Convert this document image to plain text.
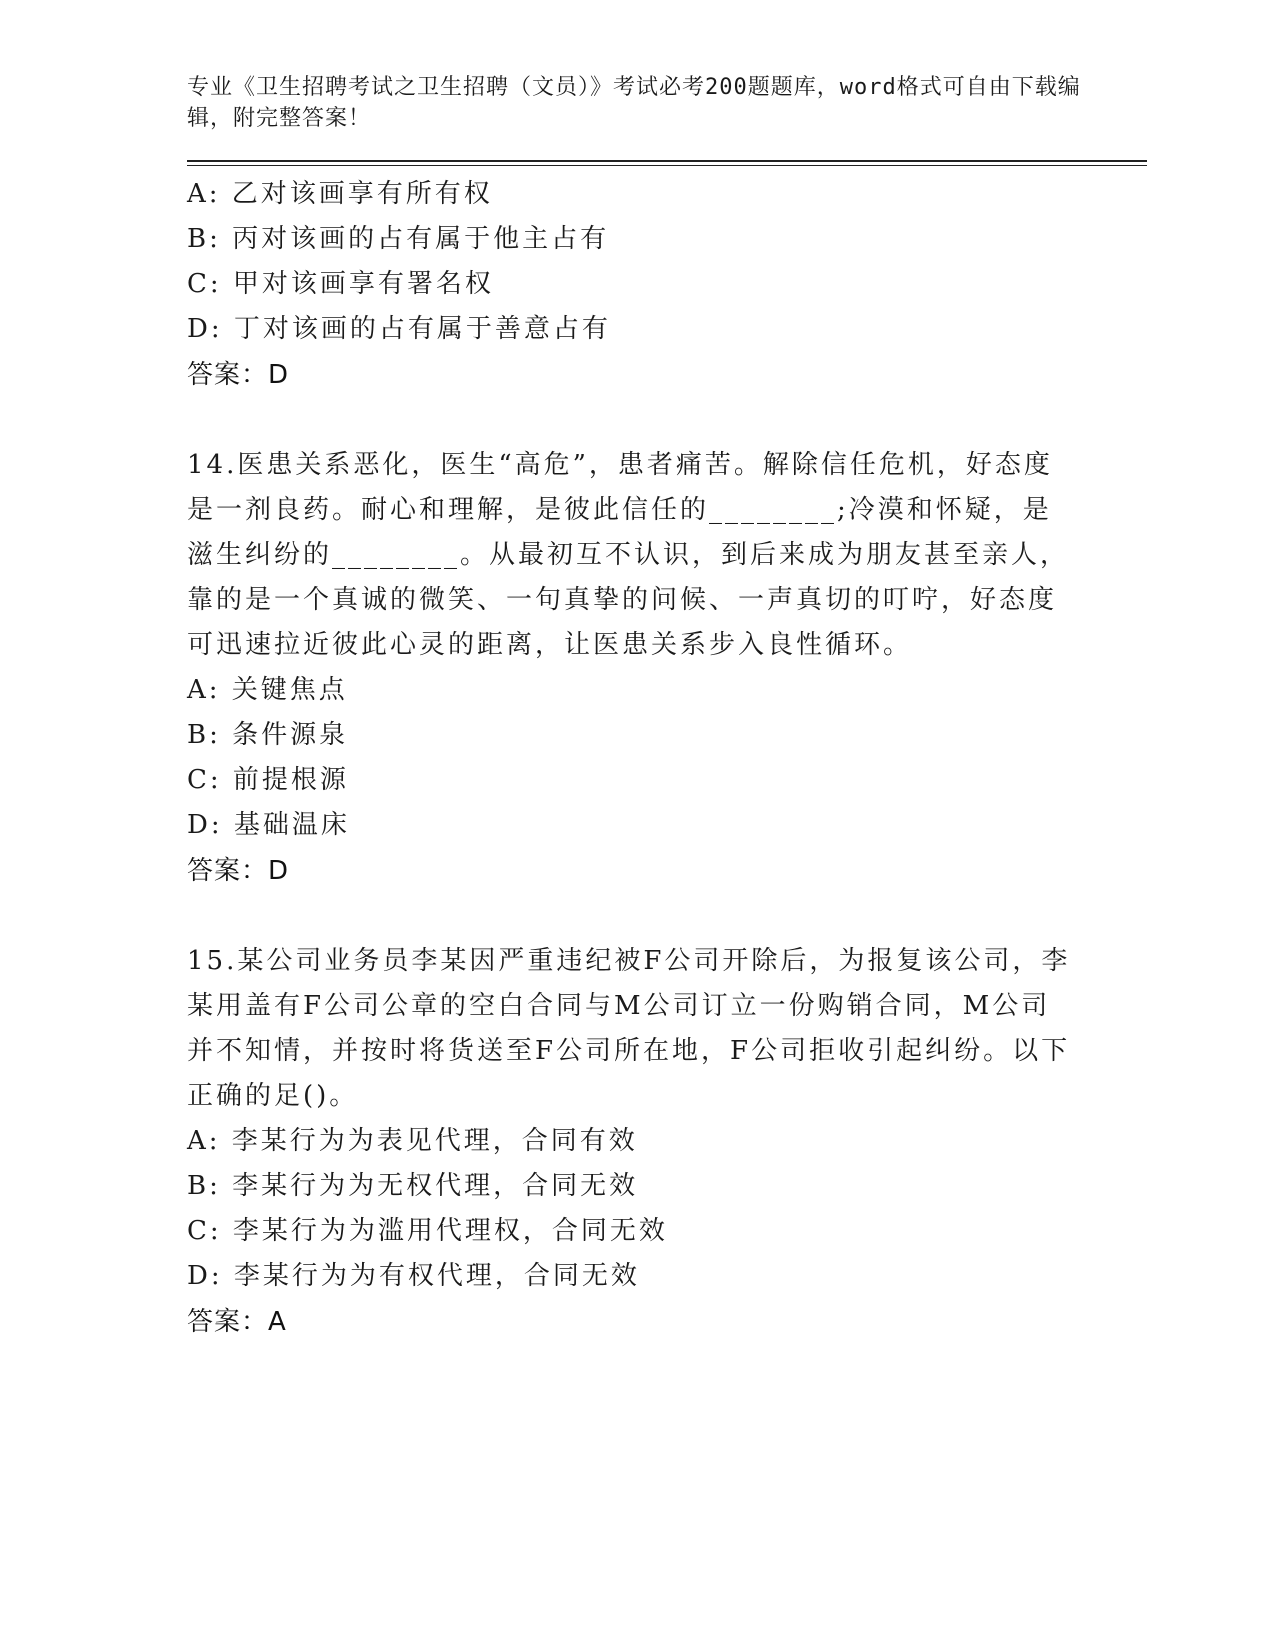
专业《卫生招聘考试之卫生招聘（文员）》考试必考200题题库，word格式可自由下载编辑，附完整答案！
A: 乙对该画享有所有权
B: 丙对该画的占有属于他主占有
C: 甲对该画享有署名权
D: 丁对该画的占有属于善意占有
答案：D
14.医患关系恶化，医生“高危”，患者痛苦。解除信任危机，好态度是一剂良药。耐心和理解，是彼此信任的________;冷漠和怀疑，是滋生纠纷的________。从最初互不认识，到后来成为朋友甚至亲人，靠的是一个真诚的微笑、一句真挚的问候、一声真切的叮咛，好态度可迅速拉近彼此心灵的距离，让医患关系步入良性循环。
A: 关键焦点
B: 条件源泉
C: 前提根源
D: 基础温床
答案：D
15.某公司业务员李某因严重违纪被F公司开除后，为报复该公司，李某用盖有F公司公章的空白合同与M公司订立一份购销合同，M公司并不知情，并按时将货送至F公司所在地，F公司拒收引起纠纷。以下正确的足()。
A: 李某行为为表见代理，合同有效
B: 李某行为为无权代理，合同无效
C: 李某行为为滥用代理权，合同无效
D: 李某行为为有权代理，合同无效
答案：A
